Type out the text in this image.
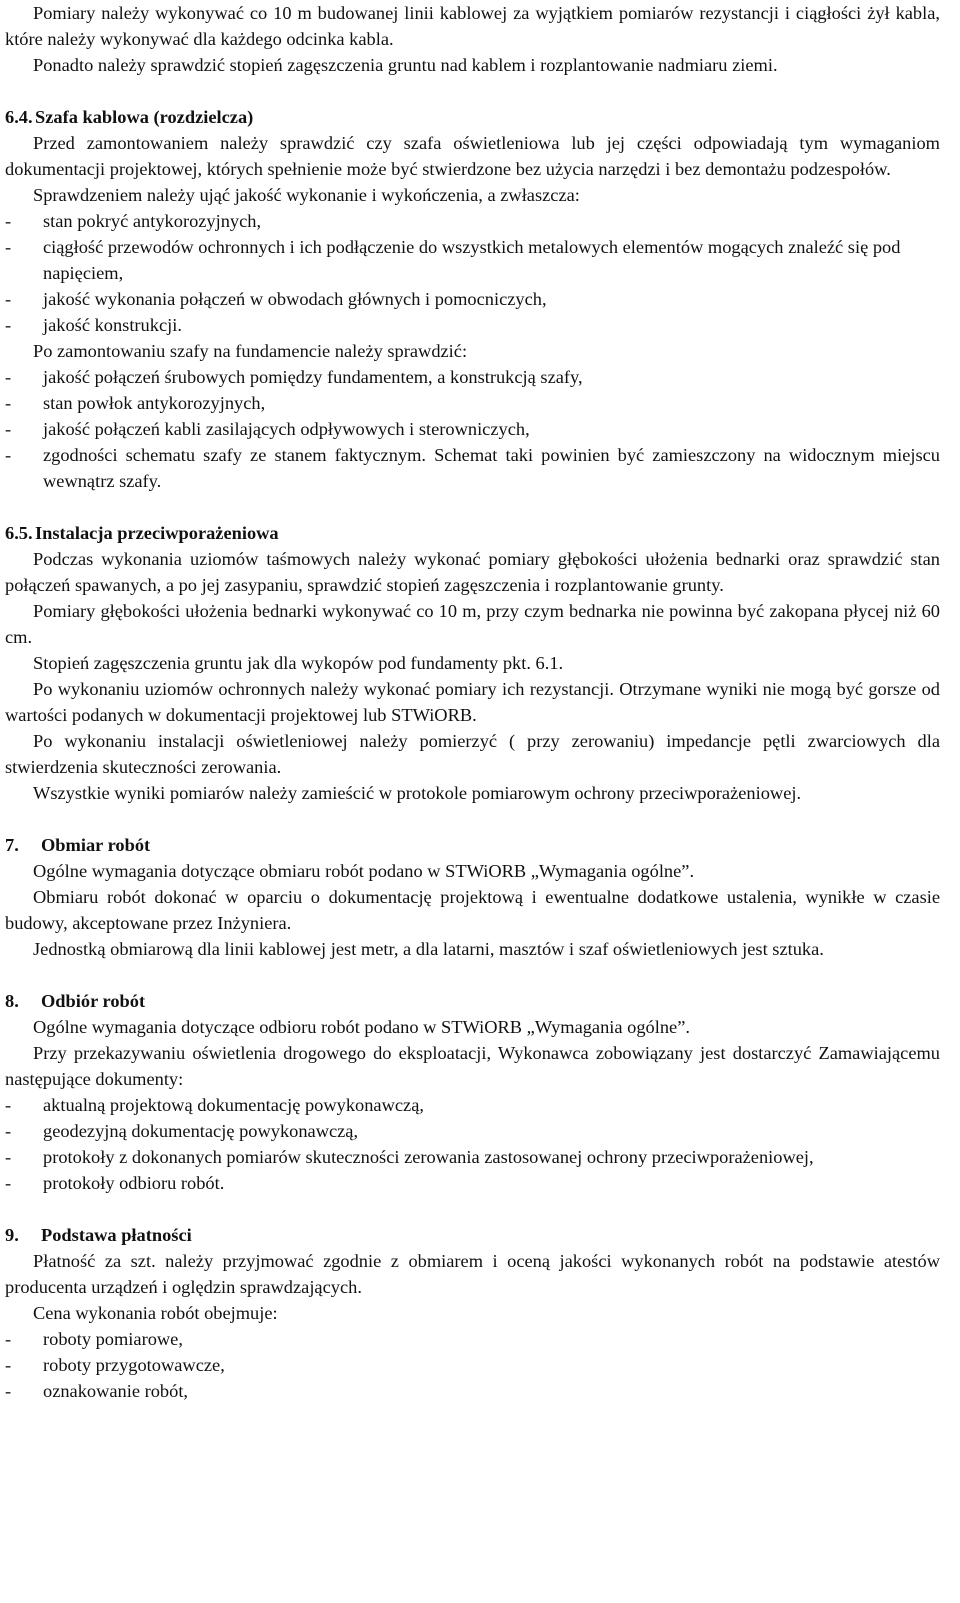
Pomiary należy wykonywać co 10 m budowanej linii kablowej za wyjątkiem pomiarów rezystancji i ciągłości żył kabla, które należy wykonywać dla każdego odcinka kabla.

Ponadto należy sprawdzić stopień zagęszczenia gruntu nad kablem i rozplantowanie nadmiaru ziemi.

6.4. Szafa kablowa (rozdzielcza)

Przed zamontowaniem należy sprawdzić czy szafa oświetleniowa lub jej części odpowiadają tym wymaganiom dokumentacji projektowej, których spełnienie może być stwierdzone bez użycia narzędzi i bez demontażu podzespołów.

Sprawdzeniem należy ująć jakość wykonanie i wykończenia, a zwłaszcza:

-	stan pokryć antykorozyjnych,
-	ciągłość przewodów ochronnych i ich podłączenie do wszystkich metalowych elementów mogących znaleźć się pod napięciem,
-	jakość wykonania połączeń w obwodach głównych i pomocniczych,
-	jakość konstrukcji.

Po zamontowaniu szafy na fundamencie należy sprawdzić:

-	jakość połączeń śrubowych pomiędzy fundamentem, a konstrukcją szafy,
-	stan powłok antykorozyjnych,
-	jakość połączeń kabli zasilających odpływowych i sterowniczych,
-	zgodności schematu szafy ze stanem faktycznym. Schemat taki powinien być zamieszczony na widocznym miejscu wewnątrz szafy.

6.5. Instalacja przeciwporażeniowa

Podczas wykonania uziomów taśmowych należy wykonać pomiary głębokości ułożenia bednarki oraz sprawdzić stan połączeń spawanych, a po jej zasypaniu, sprawdzić stopień zagęszczenia i rozplantowanie grunty.

Pomiary głębokości ułożenia bednarki wykonywać co 10 m, przy czym bednarka nie powinna być zakopana płycej niż 60 cm.

Stopień zagęszczenia gruntu jak dla wykopów pod fundamenty pkt. 6.1.

Po wykonaniu uziomów ochronnych należy wykonać pomiary ich rezystancji. Otrzymane wyniki nie mogą być gorsze od wartości podanych w dokumentacji projektowej lub STWiORB.

Po wykonaniu instalacji oświetleniowej należy pomierzyć ( przy zerowaniu) impedancje pętli zwarciowych dla stwierdzenia skuteczności zerowania.

Wszystkie wyniki pomiarów należy zamieścić w protokole pomiarowym ochrony przeciwporażeniowej.

7. Obmiar robót

Ogólne wymagania dotyczące obmiaru robót podano w STWiORB „Wymagania ogólne”.

Obmiaru robót dokonać w oparciu o dokumentację projektową i ewentualne dodatkowe ustalenia, wynikłe w czasie budowy, akceptowane przez Inżyniera.

Jednostką obmiarową dla linii kablowej jest metr, a dla latarni, masztów i szaf oświetleniowych jest sztuka.

8. Odbiór robót

Ogólne wymagania dotyczące odbioru robót podano w STWiORB „Wymagania ogólne”.

Przy przekazywaniu oświetlenia drogowego do eksploatacji, Wykonawca zobowiązany jest dostarczyć Zamawiającemu następujące dokumenty:

-	aktualną projektową dokumentację powykonawczą,
-	geodezyjną dokumentację powykonawczą,
-	protokoły z dokonanych pomiarów skuteczności zerowania zastosowanej ochrony przeciwporażeniowej,
-	protokoły odbioru robót.

9. Podstawa płatności

Płatność za szt. należy przyjmować zgodnie z obmiarem i oceną jakości wykonanych robót na podstawie atestów producenta urządzeń i oględzin sprawdzających.

Cena wykonania robót obejmuje:

-	roboty pomiarowe,
-	roboty przygotowawcze,
-	oznakowanie robót,
